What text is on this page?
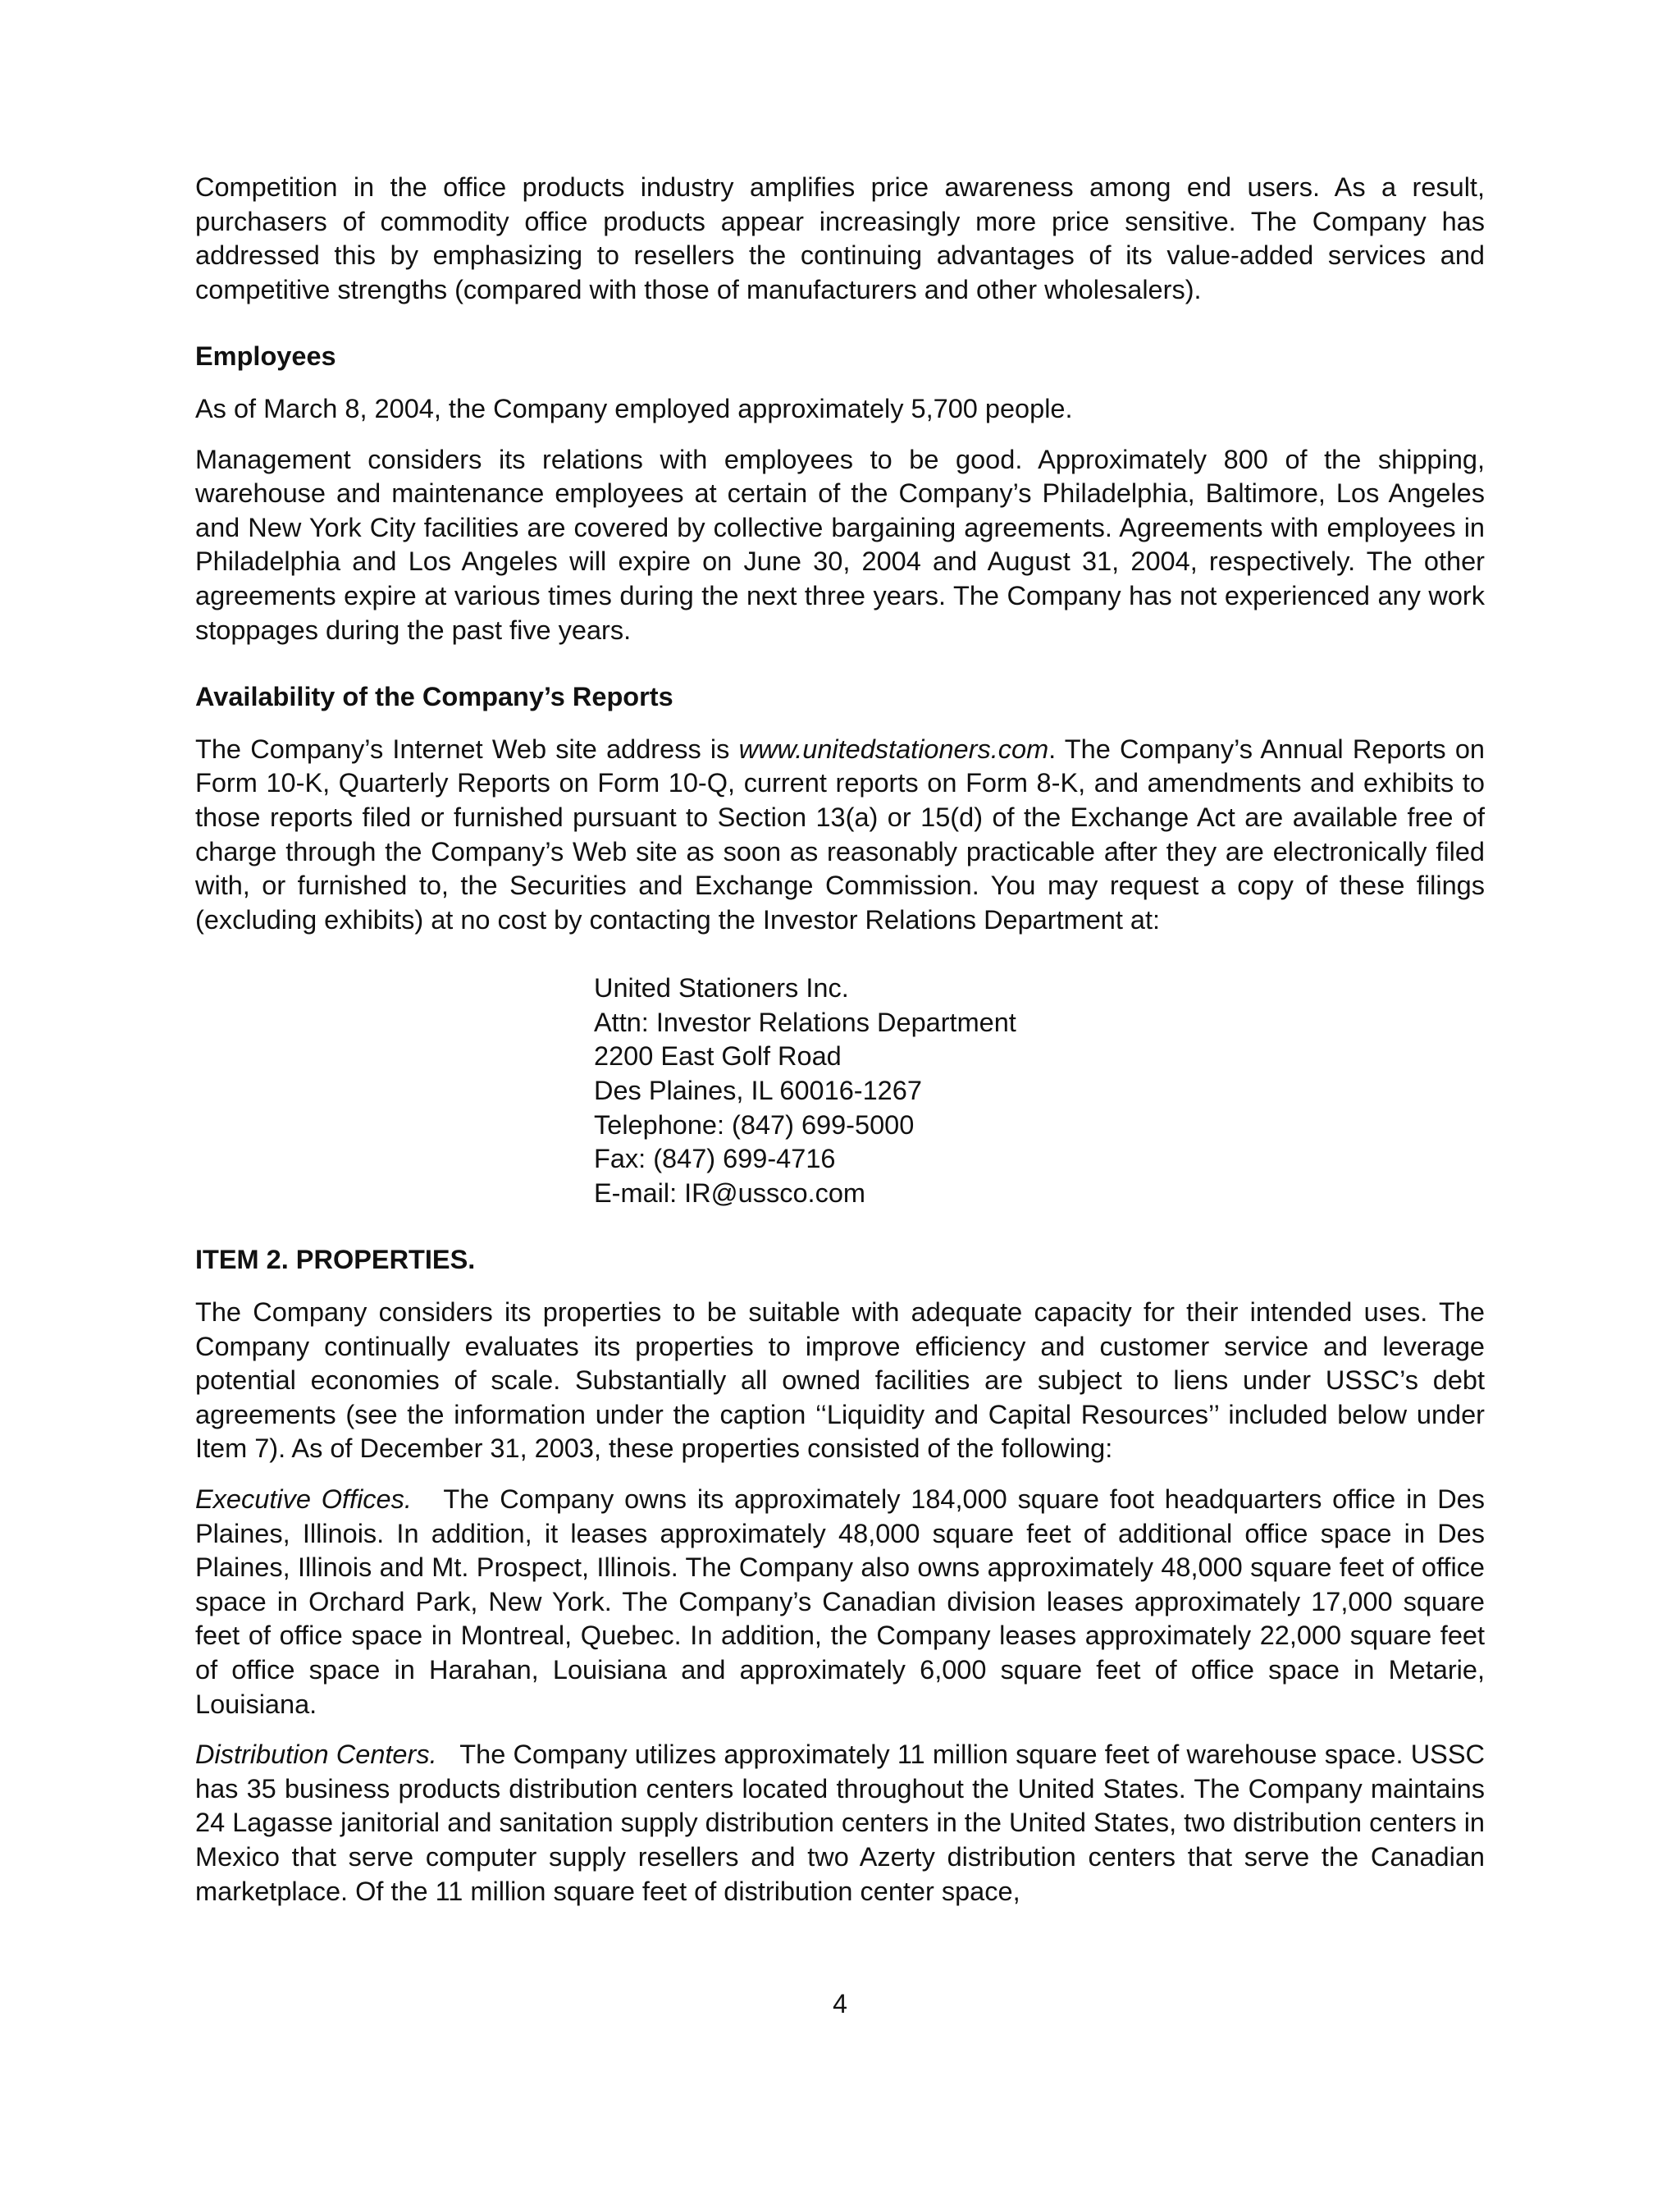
Competition in the office products industry amplifies price awareness among end users. As a result, purchasers of commodity office products appear increasingly more price sensitive. The Company has addressed this by emphasizing to resellers the continuing advantages of its value-added services and competitive strengths (compared with those of manufacturers and other wholesalers).

Employees

As of March 8, 2004, the Company employed approximately 5,700 people.

Management considers its relations with employees to be good. Approximately 800 of the shipping, warehouse and maintenance employees at certain of the Company’s Philadelphia, Baltimore, Los Angeles and New York City facilities are covered by collective bargaining agreements. Agreements with employees in Philadelphia and Los Angeles will expire on June 30, 2004 and August 31, 2004, respectively. The other agreements expire at various times during the next three years. The Company has not experienced any work stoppages during the past five years.

Availability of the Company’s Reports

The Company’s Internet Web site address is www.unitedstationers.com. The Company’s Annual Reports on Form 10-K, Quarterly Reports on Form 10-Q, current reports on Form 8-K, and amendments and exhibits to those reports filed or furnished pursuant to Section 13(a) or 15(d) of the Exchange Act are available free of charge through the Company’s Web site as soon as reasonably practicable after they are electronically filed with, or furnished to, the Securities and Exchange Commission. You may request a copy of these filings (excluding exhibits) at no cost by contacting the Investor Relations Department at:

United Stationers Inc.
Attn: Investor Relations Department
2200 East Golf Road
Des Plaines, IL 60016-1267
Telephone: (847) 699-5000
Fax: (847) 699-4716
E-mail: IR@ussco.com
ITEM 2. PROPERTIES.

The Company considers its properties to be suitable with adequate capacity for their intended uses. The Company continually evaluates its properties to improve efficiency and customer service and leverage potential economies of scale. Substantially all owned facilities are subject to liens under USSC’s debt agreements (see the information under the caption ‘‘Liquidity and Capital Resources’’ included below under Item 7). As of December 31, 2003, these properties consisted of the following:

Executive Offices. The Company owns its approximately 184,000 square foot headquarters office in Des Plaines, Illinois. In addition, it leases approximately 48,000 square feet of additional office space in Des Plaines, Illinois and Mt. Prospect, Illinois. The Company also owns approximately 48,000 square feet of office space in Orchard Park, New York. The Company’s Canadian division leases approximately 17,000 square feet of office space in Montreal, Quebec. In addition, the Company leases approximately 22,000 square feet of office space in Harahan, Louisiana and approximately 6,000 square feet of office space in Metarie, Louisiana.

Distribution Centers. The Company utilizes approximately 11 million square feet of warehouse space. USSC has 35 business products distribution centers located throughout the United States. The Company maintains 24 Lagasse janitorial and sanitation supply distribution centers in the United States, two distribution centers in Mexico that serve computer supply resellers and two Azerty distribution centers that serve the Canadian marketplace. Of the 11 million square feet of distribution center space,

4
